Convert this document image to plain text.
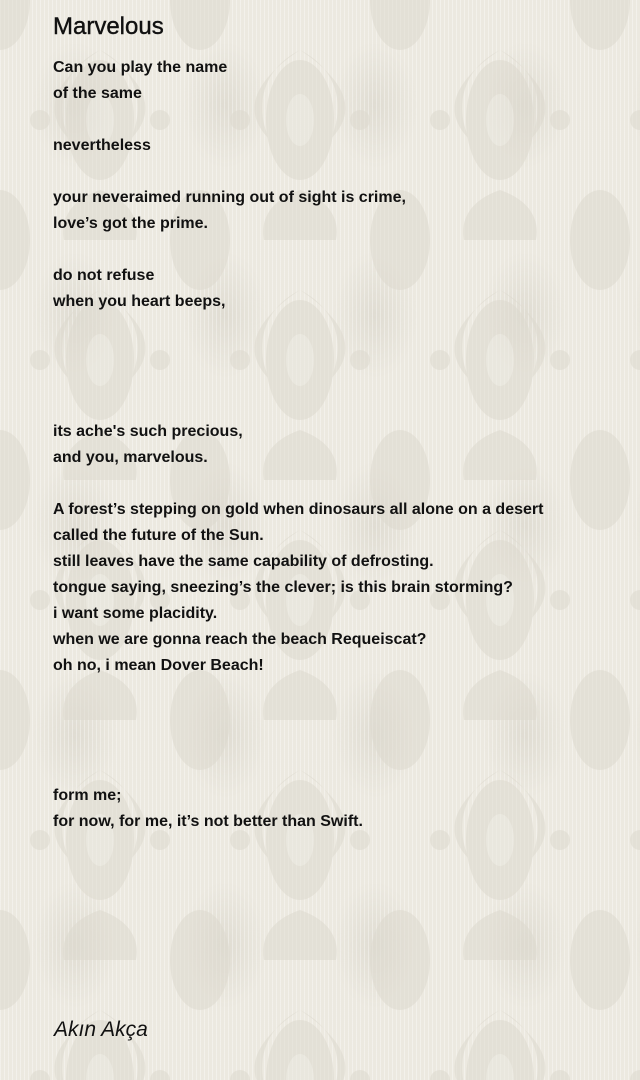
Marvelous
Can you play the name
of the same
nevertheless
your neveraimed running out of sight is crime,
love’s got the prime.
do not refuse
when you heart beeps,
its ache's such precious,
and you, marvelous.
A forest’s stepping on gold when dinosaurs all alone on a desert
called the future of the Sun.
still leaves have the same capability of defrosting.
tongue saying, sneezing’s the clever; is this brain storming?
i want some placidity.
when we are gonna reach the beach Requeiscat?
oh no, i mean Dover Beach!
form me;
for now, for me, it’s not better than Swift.
Akın Akça
